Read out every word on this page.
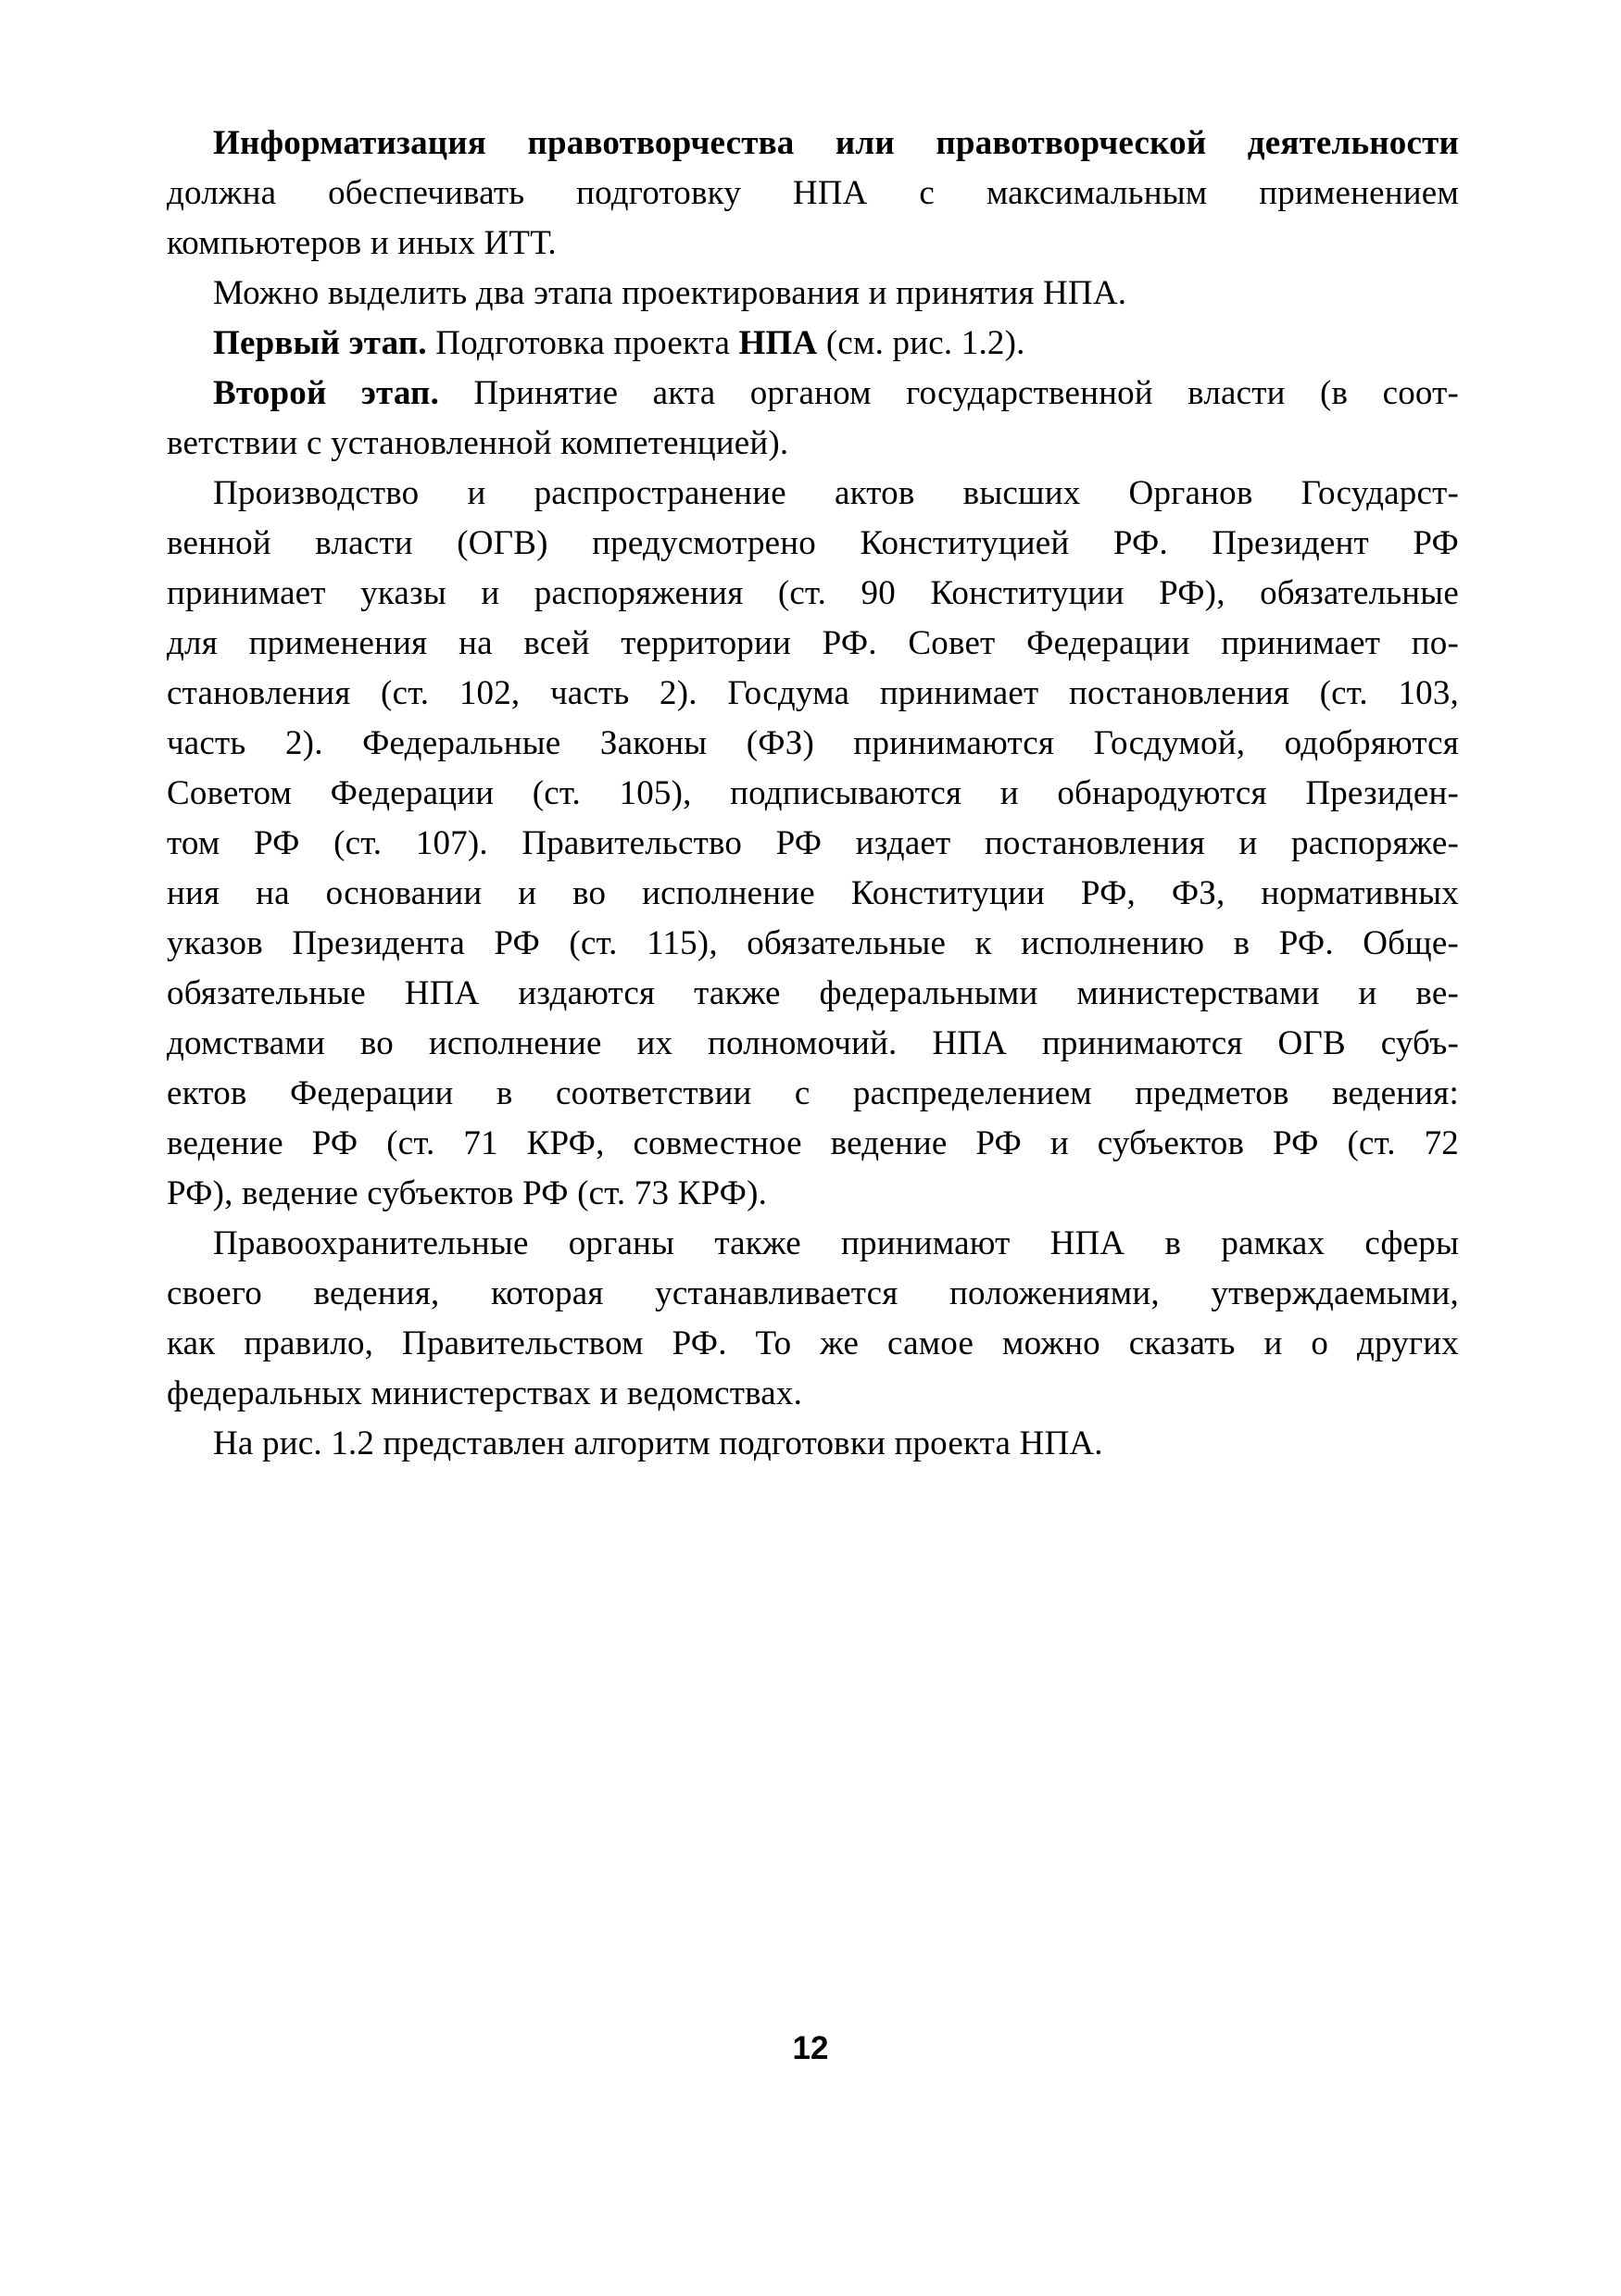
Информатизация правотворчества или правотворческой деятельности
должна обеспечивать подготовку НПА с максимальным применением
компьютеров и иных ИТТ.
Можно выделить два этапа проектирования и принятия НПА.
Первый этап. Подготовка проекта НПА (см. рис. 1.2).
Второй этап. Принятие акта органом государственной власти (в соот-
ветствии с установленной компетенцией).
Производство и распространение актов высших Органов Государст-
венной власти (ОГВ) предусмотрено Конституцией РФ. Президент РФ
принимает указы и распоряжения (ст. 90 Конституции РФ), обязательные
для применения на всей территории РФ. Совет Федерации принимает по-
становления (ст. 102, часть 2). Госдума принимает постановления (ст. 103,
часть 2). Федеральные Законы (ФЗ) принимаются Госдумой, одобряются
Советом Федерации (ст. 105), подписываются и обнародуются Президен-
том РФ (ст. 107). Правительство РФ издает постановления и распоряже-
ния на основании и во исполнение Конституции РФ, ФЗ, нормативных
указов Президента РФ (ст. 115), обязательные к исполнению в РФ. Обще-
обязательные НПА издаются также федеральными министерствами и ве-
домствами во исполнение их полномочий. НПА принимаются ОГВ субъ-
ектов Федерации в соответствии с распределением предметов ведения:
ведение РФ (ст. 71 КРФ, совместное ведение РФ и субъектов РФ (ст. 72
РФ), ведение субъектов РФ (ст. 73 КРФ).
Правоохранительные органы также принимают НПА в рамках сферы
своего ведения, которая устанавливается положениями, утверждаемыми,
как правило, Правительством РФ. То же самое можно сказать и о других
федеральных министерствах и ведомствах.
На рис. 1.2 представлен алгоритм подготовки проекта НПА.
12
